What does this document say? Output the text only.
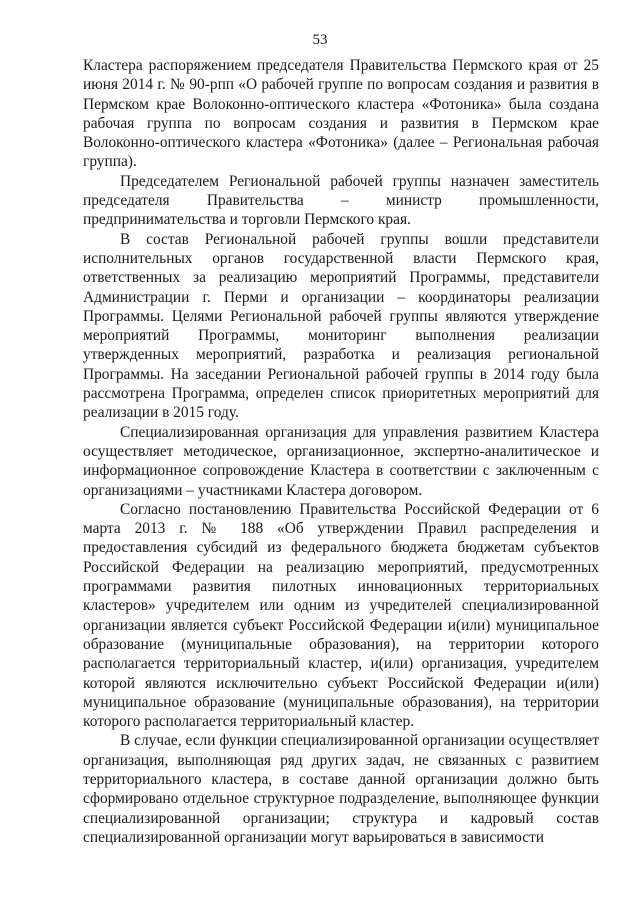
53

Кластера распоряжением председателя Правительства Пермского края от 25 июня 2014 г. № 90-рпп «О рабочей группе по вопросам создания и развития в Пермском крае Волоконно-оптического кластера «Фотоника» была создана рабочая группа по вопросам создания и развития в Пермском крае Волоконно-оптического кластера «Фотоника» (далее – Региональная рабочая группа).

Председателем Региональной рабочей группы назначен заместитель председателя Правительства – министр промышленности, предпринимательства и торговли Пермского края.

В состав Региональной рабочей группы вошли представители исполнительных органов государственной власти Пермского края, ответственных за реализацию мероприятий Программы, представители Администрации г. Перми и организации – координаторы реализации Программы. Целями Региональной рабочей группы являются утверждение мероприятий Программы, мониторинг выполнения реализации утвержденных мероприятий, разработка и реализация региональной Программы. На заседании Региональной рабочей группы в 2014 году была рассмотрена Программа, определен список приоритетных мероприятий для реализации в 2015 году.

Специализированная организация для управления развитием Кластера осуществляет методическое, организационное, экспертно-аналитическое и информационное сопровождение Кластера в соответствии с заключенным с организациями – участниками Кластера договором.

Согласно постановлению Правительства Российской Федерации от 6 марта 2013 г. № 188 «Об утверждении Правил распределения и предоставления субсидий из федерального бюджета бюджетам субъектов Российской Федерации на реализацию мероприятий, предусмотренных программами развития пилотных инновационных территориальных кластеров» учредителем или одним из учредителей специализированной организации является субъект Российской Федерации и(или) муниципальное образование (муниципальные образования), на территории которого располагается территориальный кластер, и(или) организация, учредителем которой являются исключительно субъект Российской Федерации и(или) муниципальное образование (муниципальные образования), на территории которого располагается территориальный кластер.

В случае, если функции специализированной организации осуществляет организация, выполняющая ряд других задач, не связанных с развитием территориального кластера, в составе данной организации должно быть сформировано отдельное структурное подразделение, выполняющее функции специализированной организации; структура и кадровый состав специализированной организации могут варьироваться в зависимости
